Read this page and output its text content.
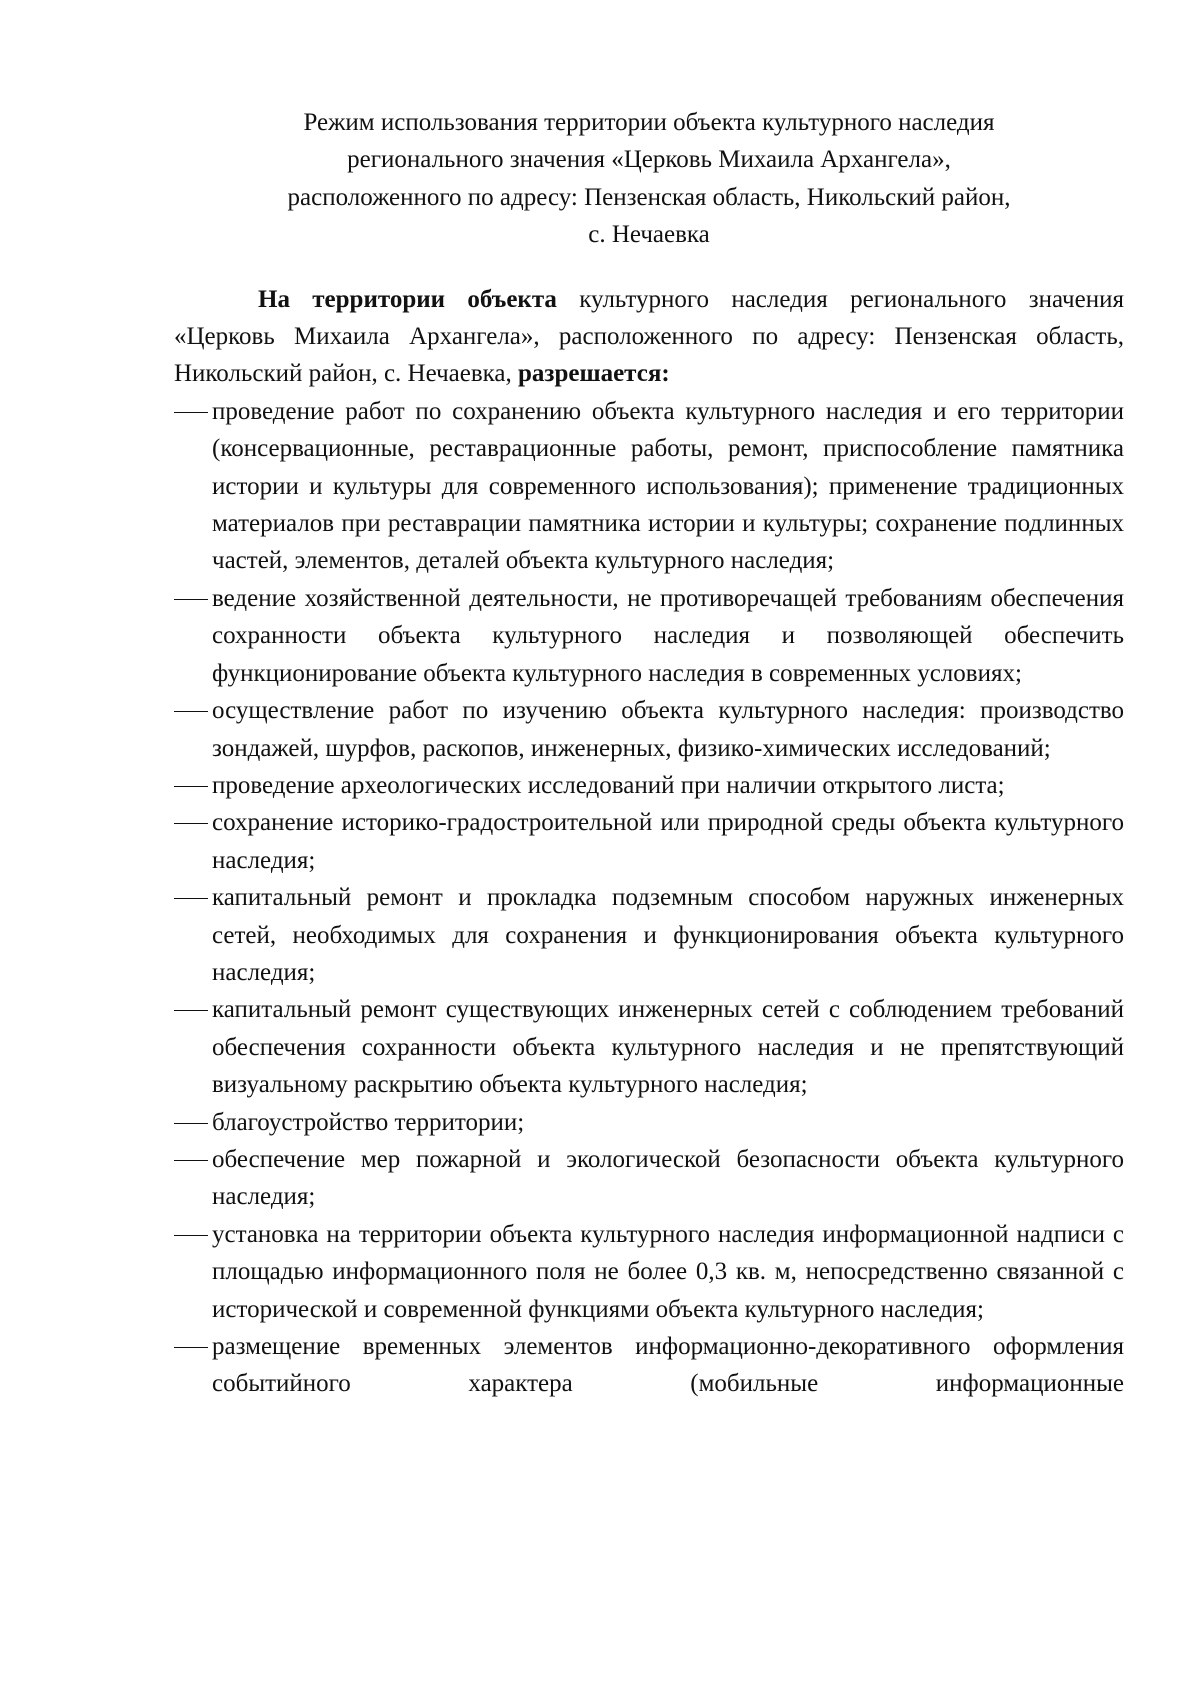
Режим использования территории объекта культурного наследия
регионального значения «Церковь Михаила Архангела»,
расположенного по адресу: Пензенская область, Никольский район,
с. Нечаевка

На территории объекта культурного наследия регионального значения «Церковь Михаила Архангела», расположенного по адресу: Пензенская область, Никольский район, с. Нечаевка, разрешается:

проведение работ по сохранению объекта культурного наследия и его территории (консервационные, реставрационные работы, ремонт, приспособление памятника истории и культуры для современного использования); применение традиционных материалов при реставрации памятника истории и культуры; сохранение подлинных частей, элементов, деталей объекта культурного наследия;
ведение хозяйственной деятельности, не противоречащей требованиям обеспечения сохранности объекта культурного наследия и позволяющей обеспечить функционирование объекта культурного наследия в современных условиях;
осуществление работ по изучению объекта культурного наследия: производство зондажей, шурфов, раскопов, инженерных, физико-химических исследований;
проведение археологических исследований при наличии открытого листа;
сохранение историко-градостроительной или природной среды объекта культурного наследия;
капитальный ремонт и прокладка подземным способом наружных инженерных сетей, необходимых для сохранения и функционирования объекта культурного наследия;
капитальный ремонт существующих инженерных сетей с соблюдением требований обеспечения сохранности объекта культурного наследия и не препятствующий визуальному раскрытию объекта культурного наследия;
благоустройство территории;
обеспечение мер пожарной и экологической безопасности объекта культурного наследия;
установка на территории объекта культурного наследия информационной надписи с площадью информационного поля не более 0,3 кв. м, непосредственно связанной с исторической и современной функциями объекта культурного наследия;
размещение временных элементов информационно-декоративного оформления событийного характера (мобильные информационные
